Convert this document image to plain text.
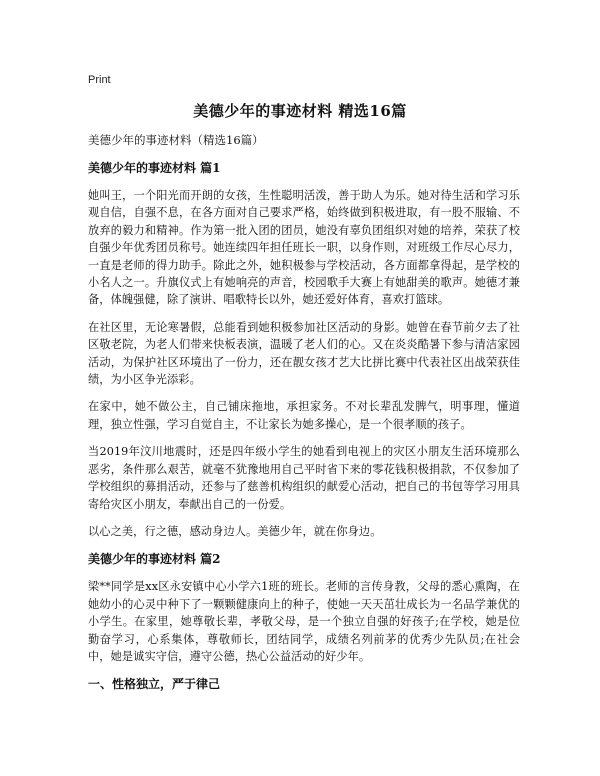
Print
美德少年的事迹材料 精选16篇

美德少年的事迹材料（精选16篇）

美德少年的事迹材料 篇1

她叫王，一个阳光而开朗的女孩，生性聪明活泼，善于助人为乐。她对待生活和学习乐观自信，自强不息，在各方面对自己要求严格，始终做到积极进取，有一股不服输、不放弃的毅力和精神。作为第一批入团的团员，她没有辜负团组织对她的培养，荣获了校自强少年优秀团员称号。她连续四年担任班长一职，以身作则，对班级工作尽心尽力，一直是老师的得力助手。除此之外，她积极参与学校活动，各方面都拿得起，是学校的小名人之一。升旗仪式上有她响亮的声音，校园歌手大赛上有她甜美的歌声。她德才兼备，体魄强健，除了演讲、唱歌特长以外，她还爱好体育，喜欢打篮球。

在社区里，无论寒暑假，总能看到她积极参加社区活动的身影。她曾在春节前夕去了社区敬老院，为老人们带来快板表演，温暖了老人们的心。又在炎炎酷暑下参与清洁家园活动，为保护社区环境出了一份力，还在靓女孩才艺大比拼比赛中代表社区出战荣获佳绩，为小区争光添彩。

在家中，她不做公主，自己铺床拖地，承担家务。不对长辈乱发脾气，明事理，懂道理，独立性强，学习自觉自主，不让家长为她多操心，是一个很孝顺的孩子。

当2019年汶川地震时，还是四年级小学生的她看到电视上的灾区小朋友生活环境那么恶劣，条件那么艰苦，就毫不犹豫地用自己平时省下来的零花钱积极捐款，不仅参加了学校组织的募捐活动，还参与了慈善机构组织的献爱心活动，把自己的书包等学习用具寄给灾区小朋友，奉献出自己的一份爱。

以心之美，行之德，感动身边人。美德少年，就在你身边。

美德少年的事迹材料 篇2

梁**同学是xx区永安镇中心小学六1班的班长。老师的言传身教，父母的悉心熏陶，在她幼小的心灵中种下了一颗颗健康向上的种子，使她一天天茁壮成长为一名品学兼优的小学生。在家里，她尊敬长辈，孝敬父母，是一个独立自强的好孩子;在学校，她是位勤奋学习，心系集体，尊敬师长，团结同学，成绩名列前茅的优秀少先队员;在社会中，她是诚实守信，遵守公德，热心公益活动的好少年。

一、性格独立，严于律己
